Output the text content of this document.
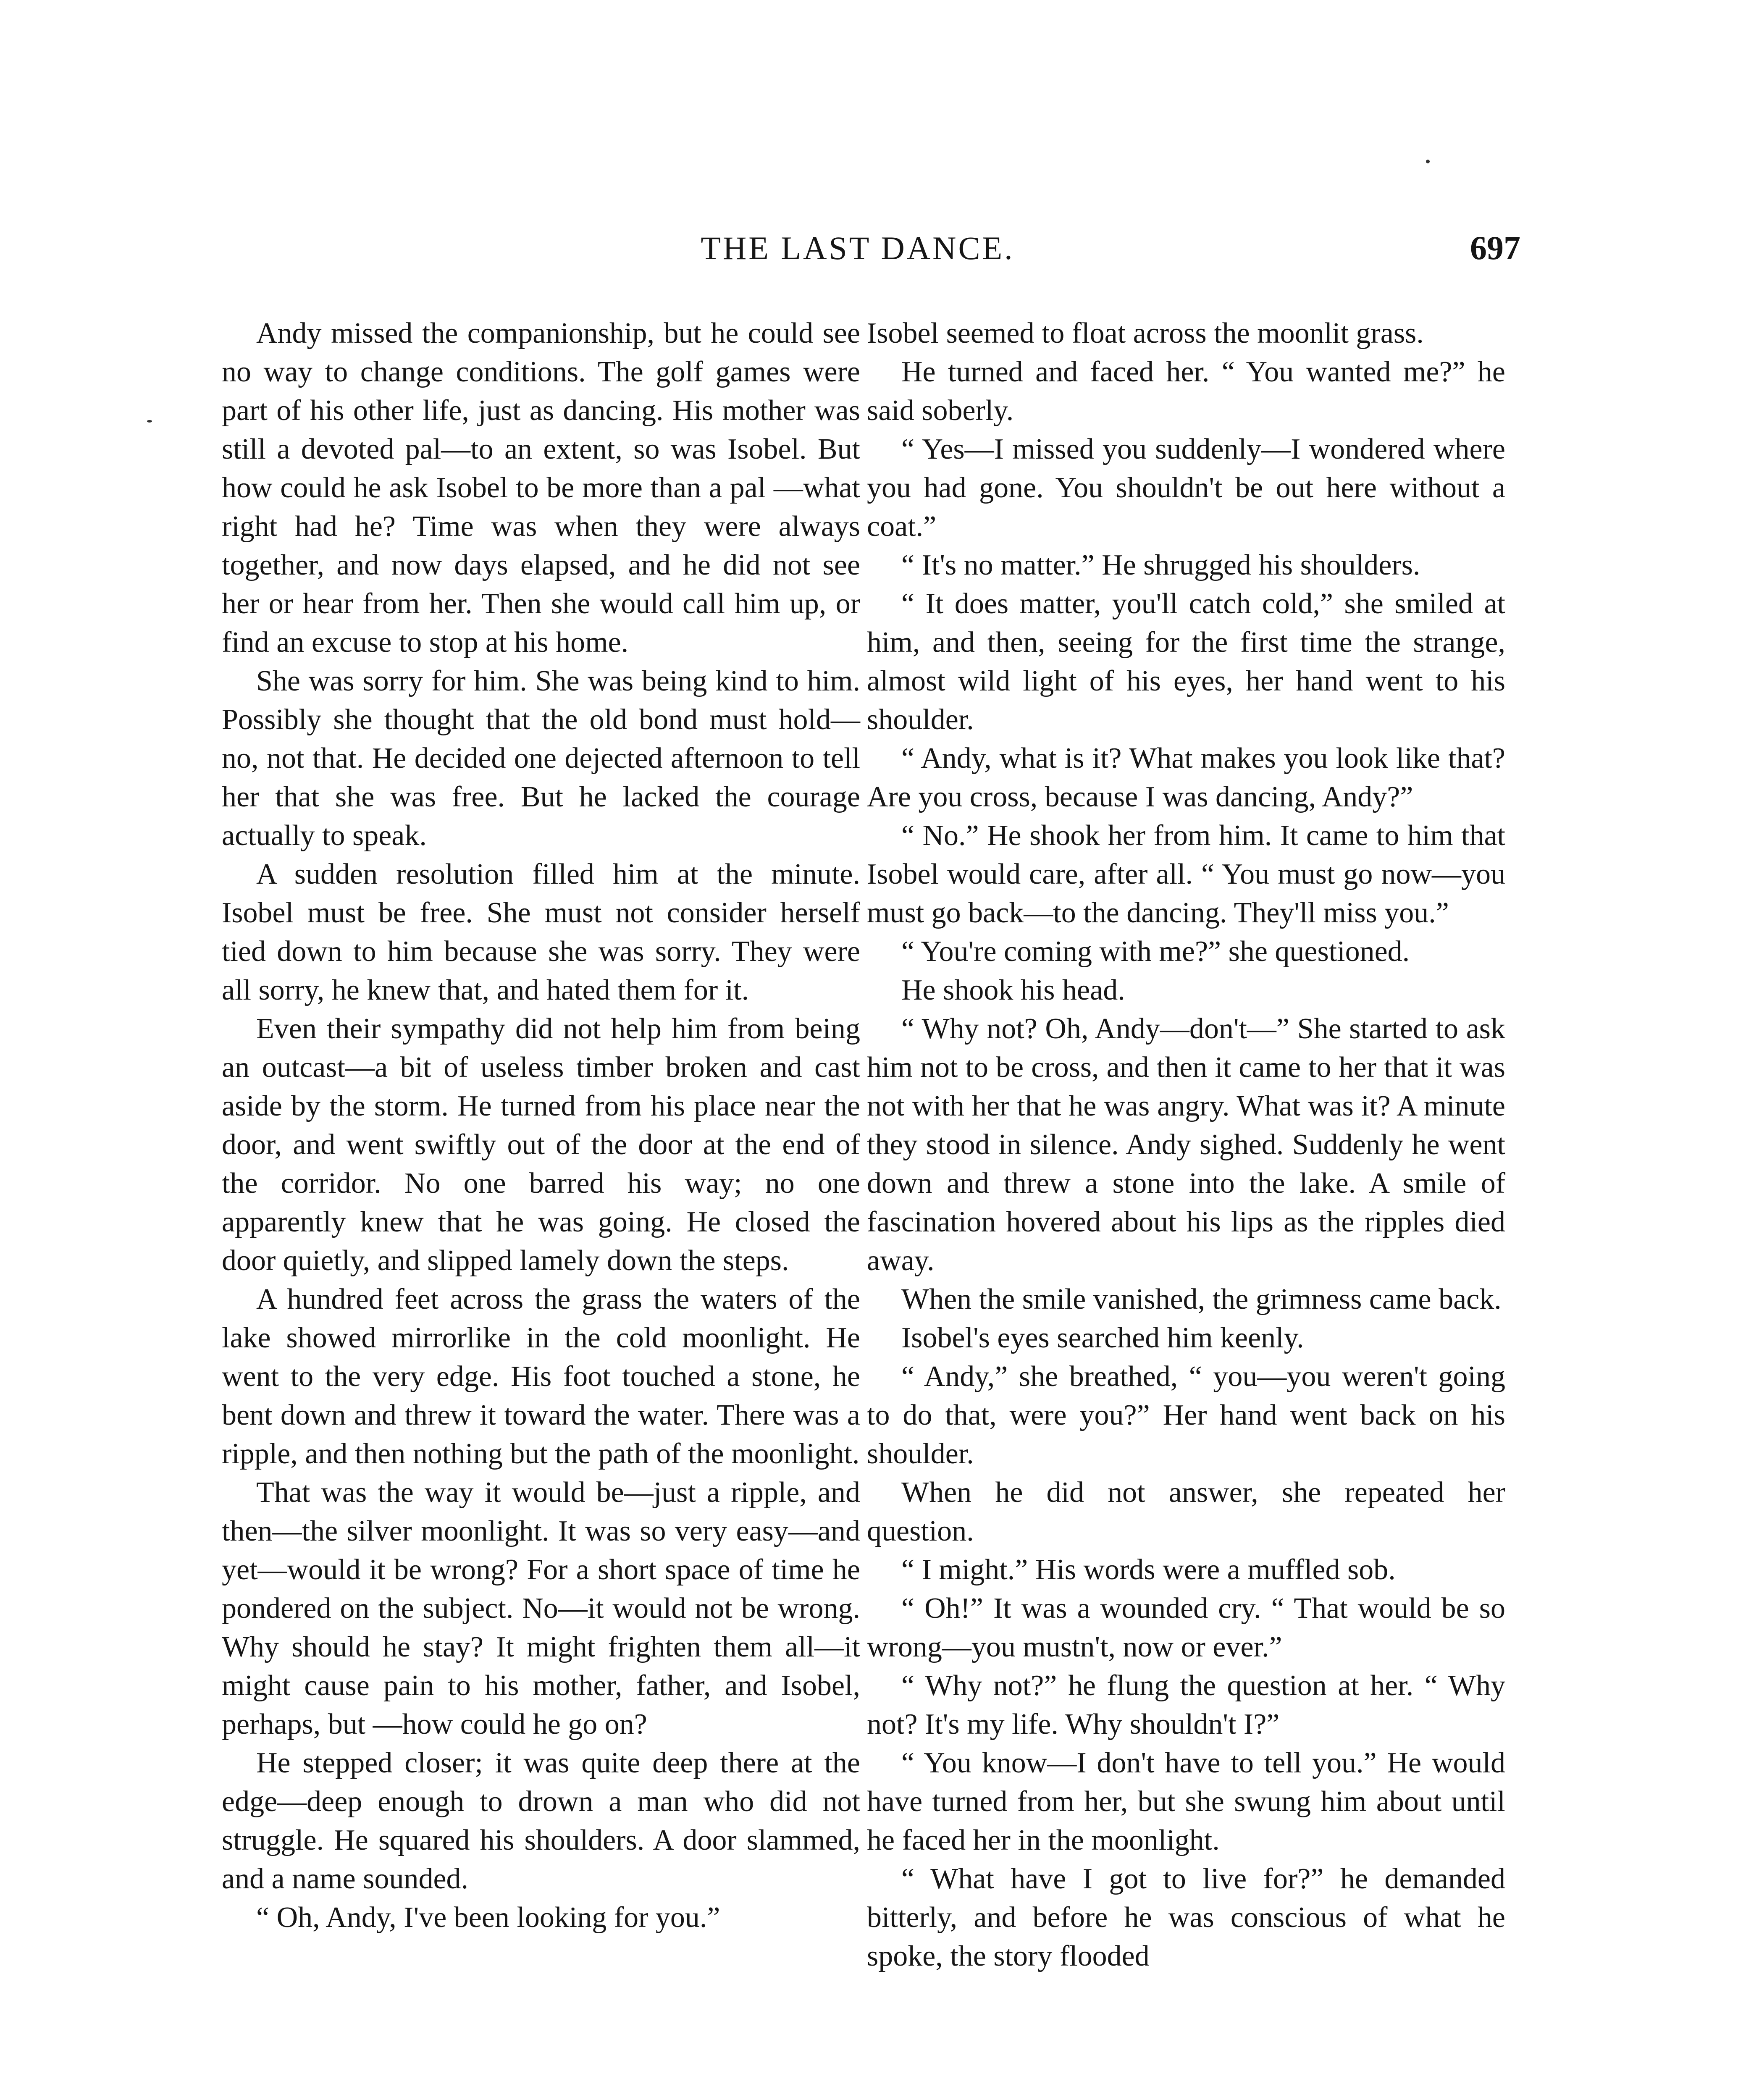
THE LAST DANCE.	697

Andy missed the companionship, but he could see no way to change conditions. The golf games were part of his other life, just as dancing. His mother was still a devoted pal—to an extent, so was Isobel. But how could he ask Isobel to be more than a pal —what right had he? Time was when they were always together, and now days elapsed, and he did not see her or hear from her. Then she would call him up, or find an excuse to stop at his home.

She was sorry for him. She was being kind to him. Possibly she thought that the old bond must hold—no, not that. He decided one dejected afternoon to tell her that she was free. But he lacked the courage actually to speak.

A sudden resolution filled him at the minute. Isobel must be free. She must not consider herself tied down to him because she was sorry. They were all sorry, he knew that, and hated them for it.

Even their sympathy did not help him from being an outcast—a bit of useless timber broken and cast aside by the storm. He turned from his place near the door, and went swiftly out of the door at the end of the corridor. No one barred his way; no one apparently knew that he was going. He closed the door quietly, and slipped lamely down the steps.

A hundred feet across the grass the waters of the lake showed mirrorlike in the cold moonlight. He went to the very edge. His foot touched a stone, he bent down and threw it toward the water. There was a ripple, and then nothing but the path of the moonlight.

That was the way it would be—just a ripple, and then—the silver moonlight. It was so very easy—and yet—would it be wrong? For a short space of time he pondered on the subject. No—it would not be wrong. Why should he stay? It might frighten them all—it might cause pain to his mother, father, and Isobel, perhaps, but —how could he go on?

He stepped closer; it was quite deep there at the edge—deep enough to drown a man who did not struggle. He squared his shoulders. A door slammed, and a name sounded.

“ Oh, Andy, I've been looking for you.”

Isobel seemed to float across the moonlit grass.

He turned and faced her. “ You wanted me?” he said soberly.

“ Yes—I missed you suddenly—I wondered where you had gone. You shouldn't be out here without a coat.”

“ It's no matter.” He shrugged his shoulders.

“ It does matter, you'll catch cold,” she smiled at him, and then, seeing for the first time the strange, almost wild light of his eyes, her hand went to his shoulder.

“ Andy, what is it? What makes you look like that? Are you cross, because I was dancing, Andy?”

“ No.” He shook her from him. It came to him that Isobel would care, after all. “ You must go now—you must go back—to the dancing. They'll miss you.”

“ You're coming with me?” she questioned.

He shook his head.

“ Why not? Oh, Andy—don't—” She started to ask him not to be cross, and then it came to her that it was not with her that he was angry. What was it? A minute they stood in silence. Andy sighed. Suddenly he went down and threw a stone into the lake. A smile of fascination hovered about his lips as the ripples died away.

When the smile vanished, the grimness came back.

Isobel's eyes searched him keenly.

“ Andy,” she breathed, “ you—you weren't going to do that, were you?” Her hand went back on his shoulder.

When he did not answer, she repeated her question.

“ I might.” His words were a muffled sob.

“ Oh!” It was a wounded cry. “ That would be so wrong—you mustn't, now or ever.”

“ Why not?” he flung the question at her. “ Why not? It's my life. Why shouldn't I?”

“ You know—I don't have to tell you.” He would have turned from her, but she swung him about until he faced her in the moonlight.

“ What have I got to live for?” he demanded bitterly, and before he was conscious of what he spoke, the story flooded
